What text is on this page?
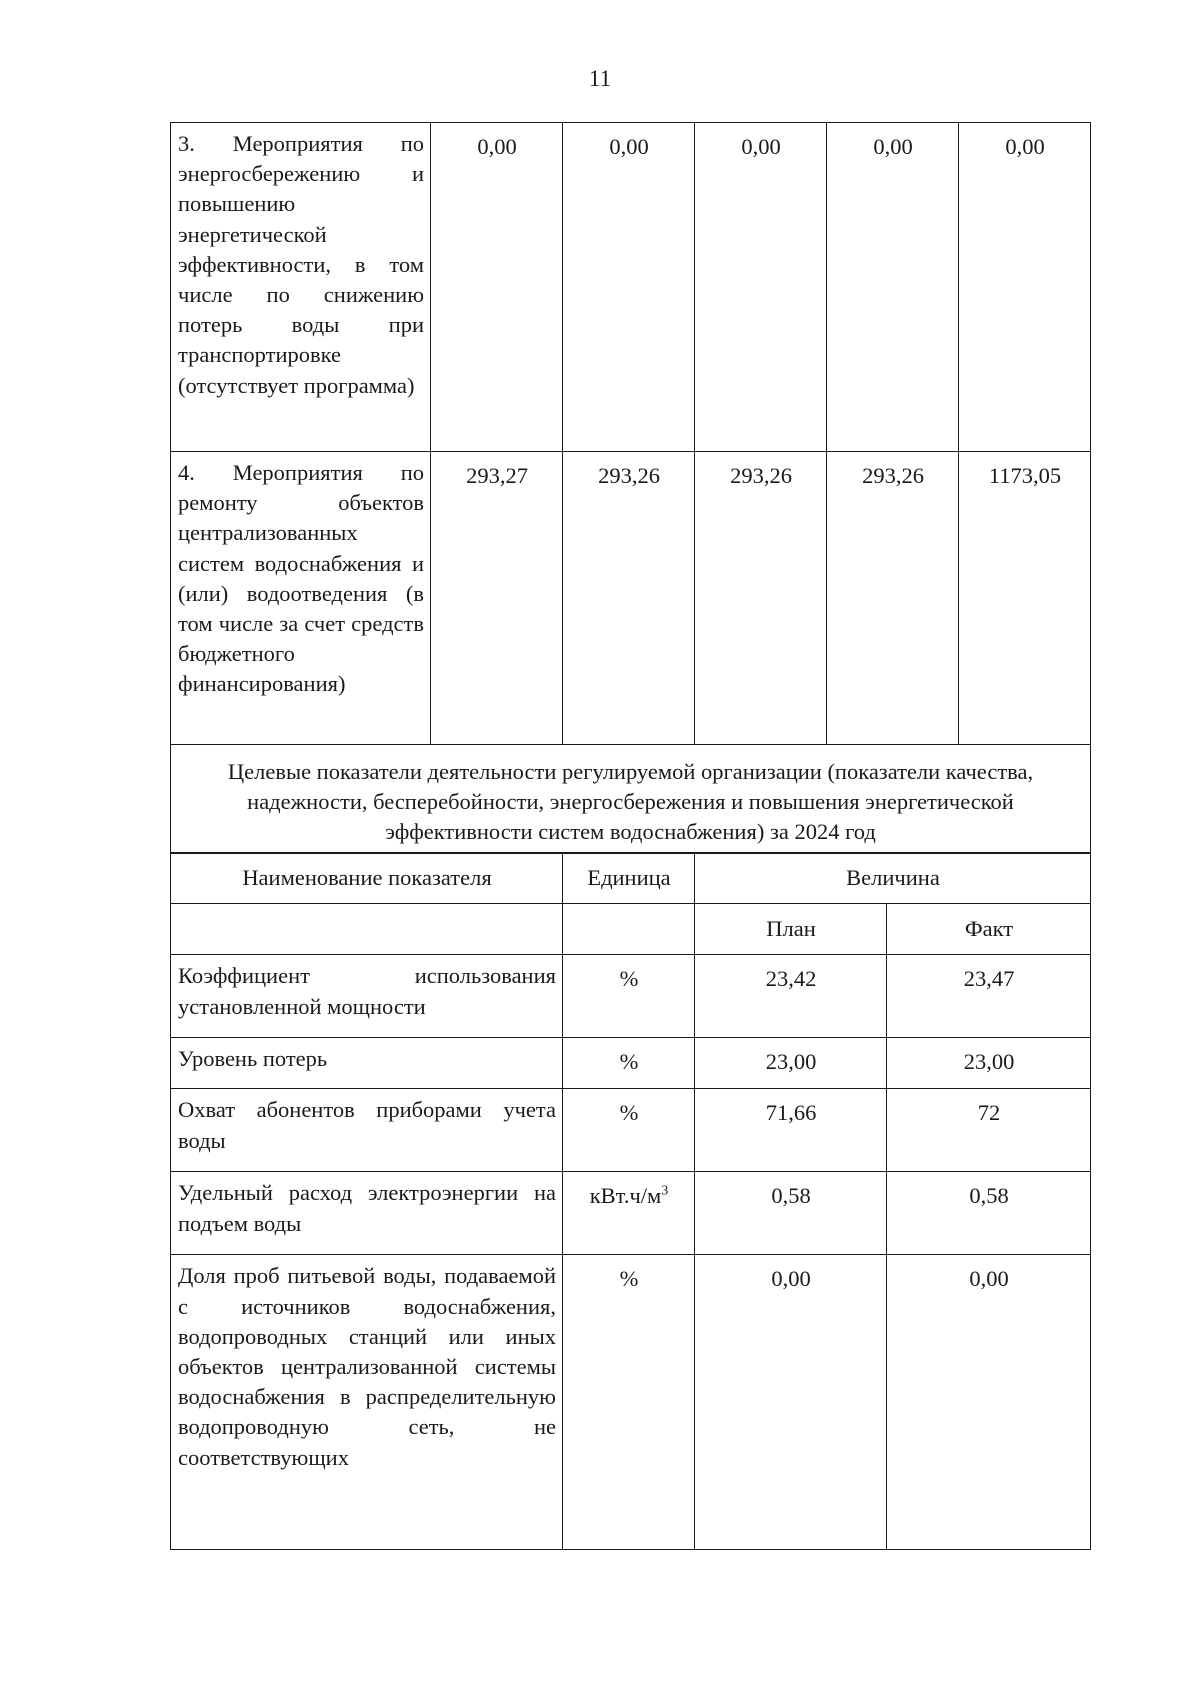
11
3. Мероприятия по энергосбережению и повышению энергетической эффективности, в том числе по снижению потерь воды при транспортировке (отсутствует программа)	0,00	0,00	0,00	0,00	0,00
4. Мероприятия по ремонту объектов централизованных систем водоснабжения и (или) водоотведения (в том числе за счет средств бюджетного финансирования)	293,27	293,26	293,26	293,26	1173,05
Целевые показатели деятельности регулируемой организации (показатели качества, надежности, бесперебойности, энергосбережения и повышения энергетической эффективности систем водоснабжения) за 2024 год					
Наименование показателя	Единица	Величина	
		План	Факт
Коэффициент использования установленной мощности	%	23,42	23,47
Уровень потерь	%	23,00	23,00
Охват абонентов приборами учета воды	%	71,66	72
Удельный расход электроэнергии на подъем воды	$кВт.ч/м^3$	0,58	0,58
Доля проб питьевой воды, подаваемой с источников водоснабжения, водопроводных станций или иных объектов централизованной системы водоснабжения в распределительную водопроводную сеть, не соответствующих	%	0,00	0,00
